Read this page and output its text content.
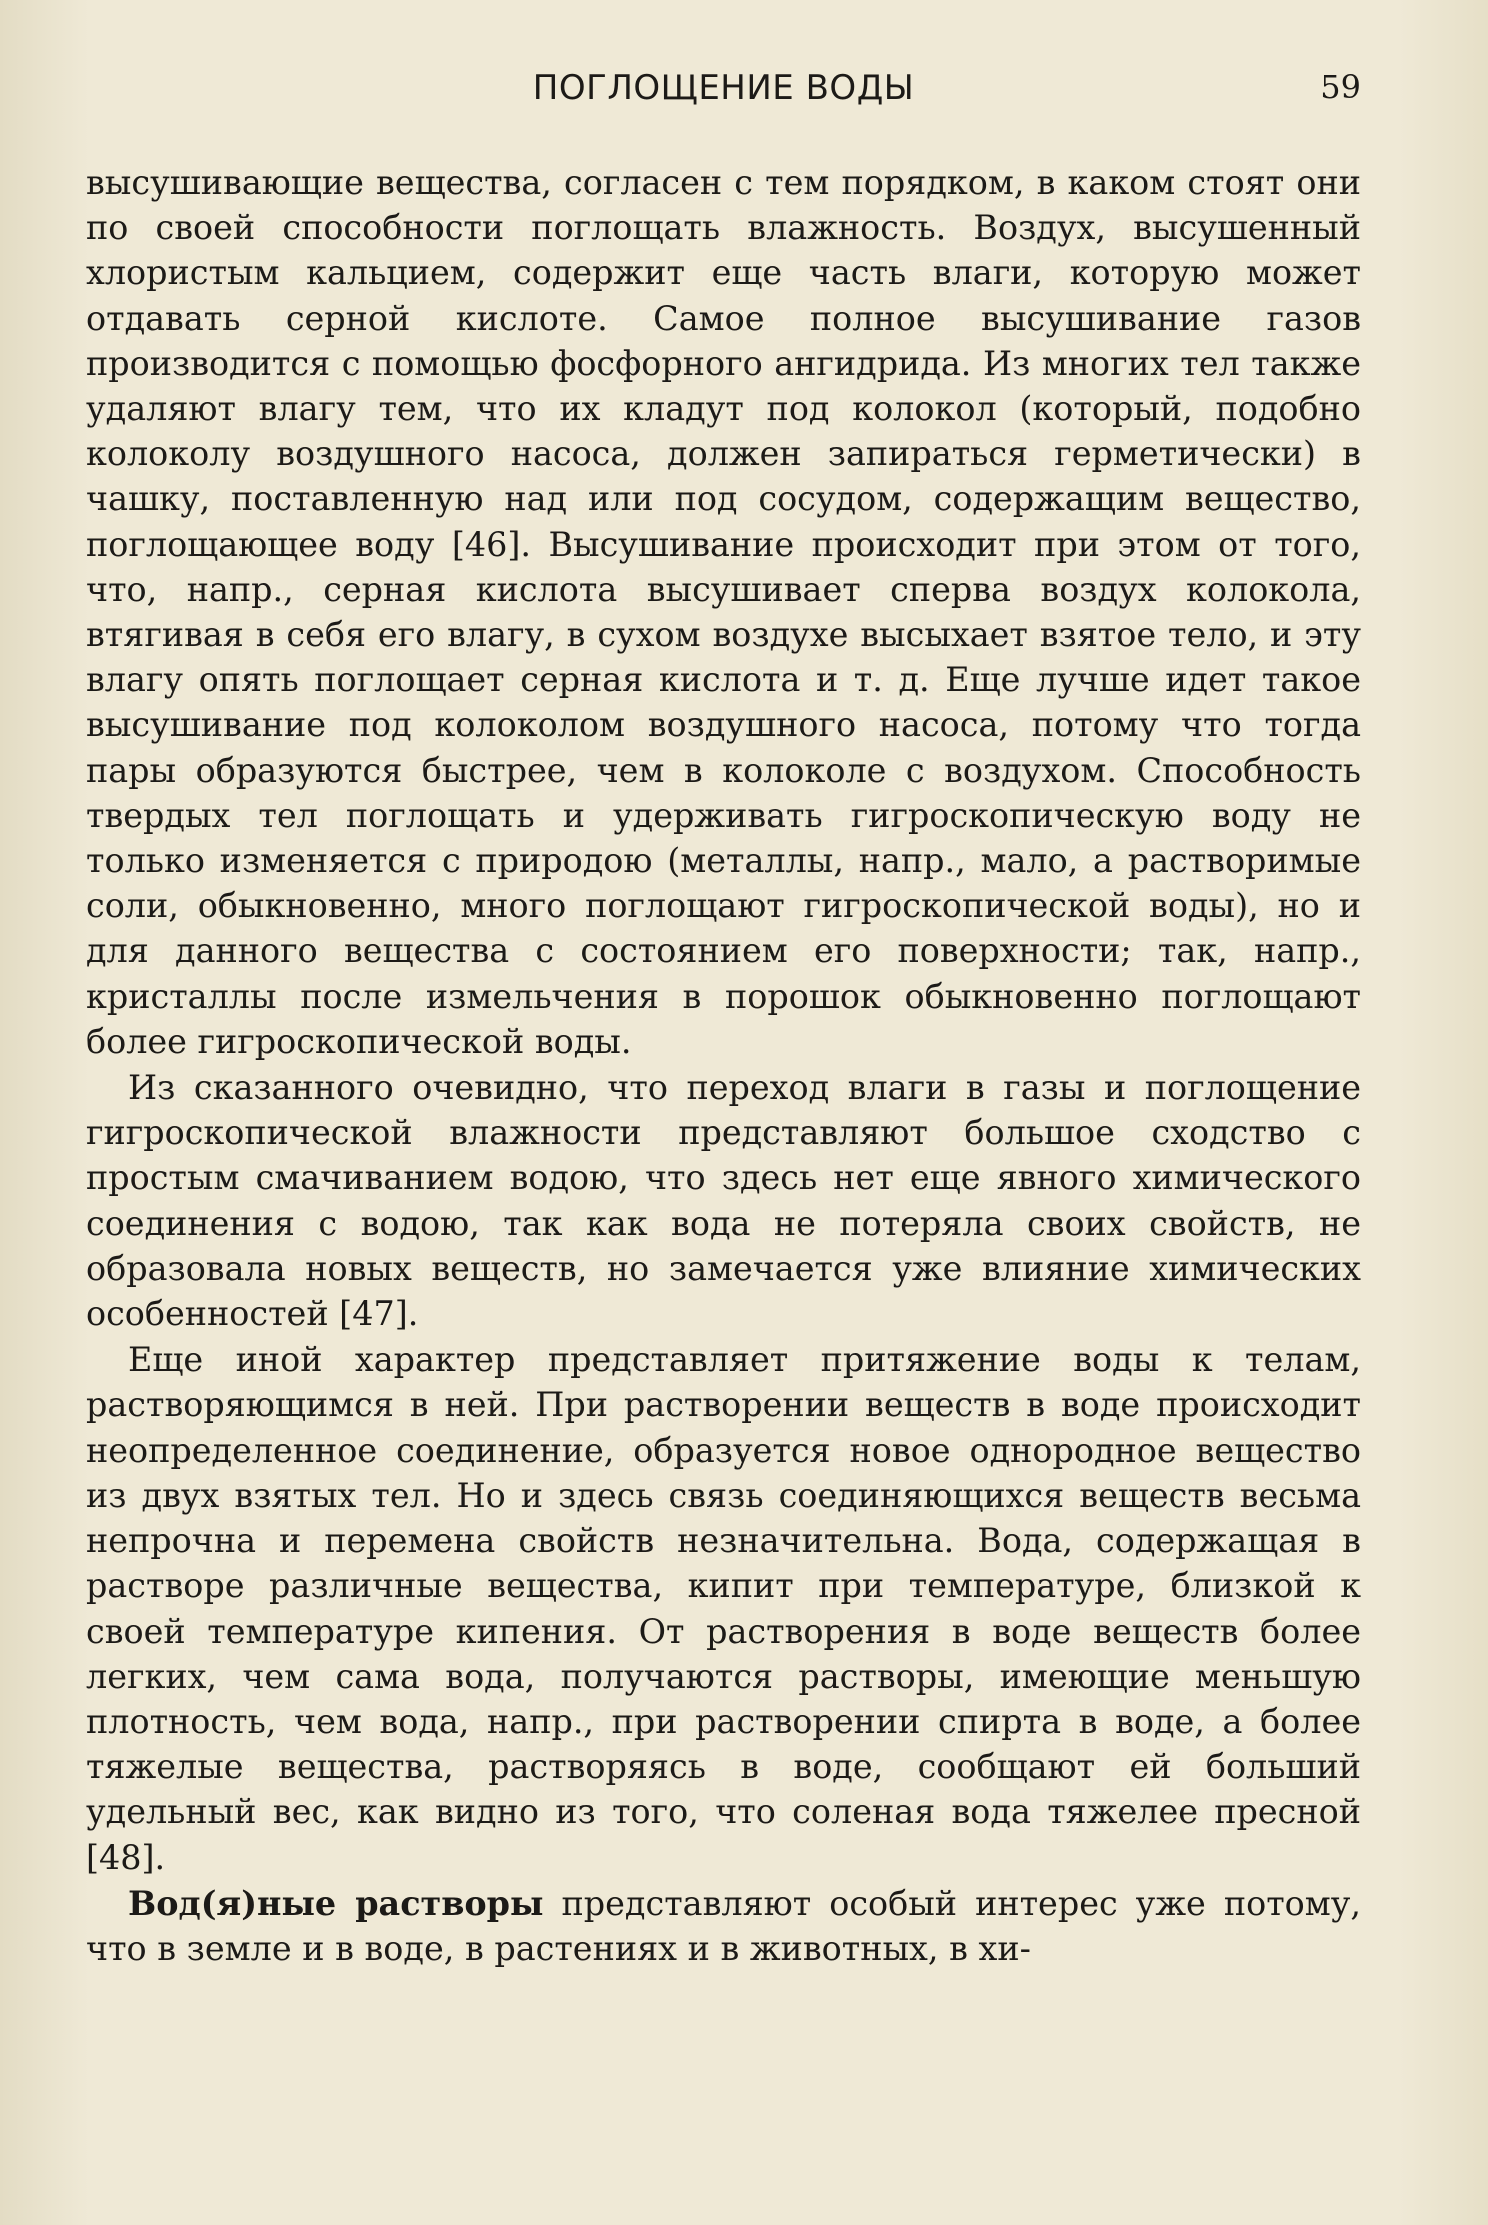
ПОГЛОЩЕНИЕ ВОДЫ	59

высушивающие вещества, согласен с тем порядком, в каком стоят они по своей способности поглощать влажность. Воздух, высушенный хлористым кальцием, содержит еще часть влаги, которую может отдавать серной кислоте. Самое полное высушивание газов производится с помощью фосфорного ангидрида. Из многих тел также удаляют влагу тем, что их кладут под колокол (который, подобно колоколу воздушного насоса, должен запираться герметически) в чашку, поставленную над или под сосудом, содержащим вещество, поглощающее воду [46]. Высушивание происходит при этом от того, что, напр., серная кислота высушивает сперва воздух колокола, втягивая в себя его влагу, в сухом воздухе высыхает взятое тело, и эту влагу опять поглощает серная кислота и т. д. Еще лучше идет такое высушивание под колоколом воздушного насоса, потому что тогда пары образуются быстрее, чем в колоколе с воздухом. Способность твердых тел поглощать и удерживать гигроскопическую воду не только изменяется с природою (металлы, напр., мало, а растворимые соли, обыкновенно, много поглощают гигроскопической воды), но и для данного вещества с состоянием его поверхности; так, напр., кристаллы после измельчения в порошок обыкновенно поглощают более гигроскопической воды.

Из сказанного очевидно, что переход влаги в газы и поглощение гигроскопической влажности представляют большое сходство с простым смачиванием водою, что здесь нет еще явного химического соединения с водою, так как вода не потеряла своих свойств, не образовала новых веществ, но замечается уже влияние химических особенностей [47].

Еще иной характер представляет притяжение воды к телам, растворяющимся в ней. При растворении веществ в воде происходит неопределенное соединение, образуется новое однородное вещество из двух взятых тел. Но и здесь связь соединяющихся веществ весьма непрочна и перемена свойств незначительна. Вода, содержащая в растворе различные вещества, кипит при температуре, близкой к своей температуре кипения. От растворения в воде веществ более легких, чем сама вода, получаются растворы, имеющие меньшую плотность, чем вода, напр., при растворении спирта в воде, а более тяжелые вещества, растворяясь в воде, сообщают ей больший удельный вес, как видно из того, что соленая вода тяжелее пресной [48].

Вод(я)ные растворы представляют особый интерес уже потому, что в земле и в воде, в растениях и в животных, в хи-
